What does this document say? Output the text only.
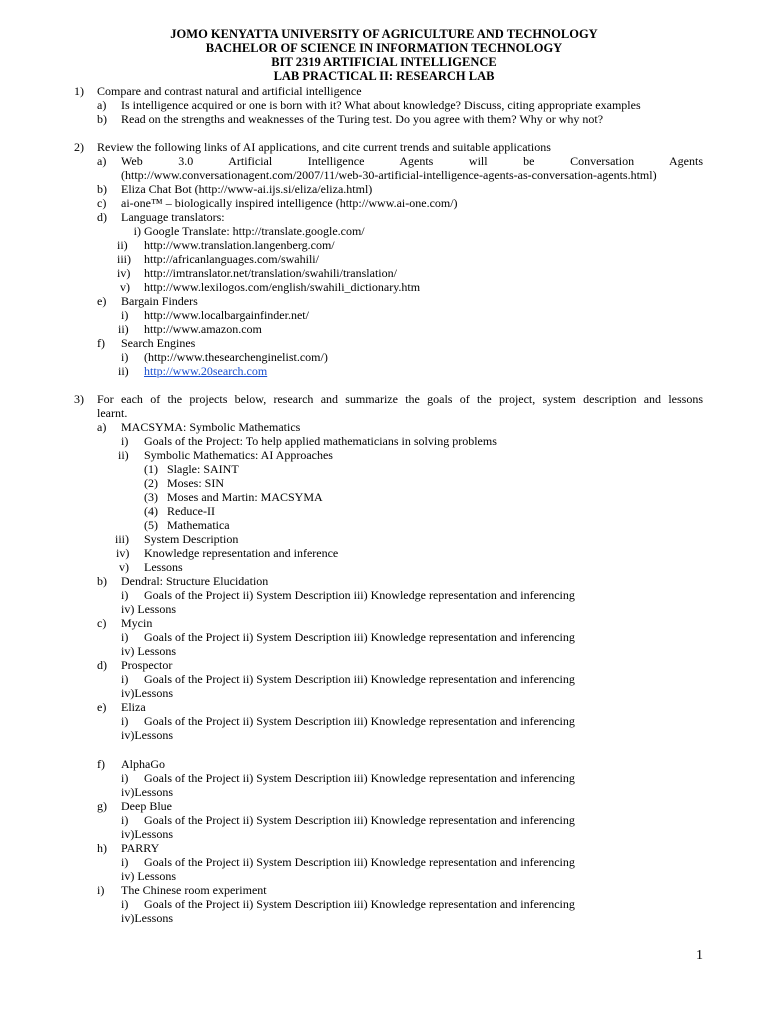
JOMO KENYATTA UNIVERSITY OF AGRICULTURE AND TECHNOLOGY
BACHELOR OF SCIENCE IN INFORMATION TECHNOLOGY
BIT 2319 ARTIFICIAL INTELLIGENCE
LAB PRACTICAL II: RESEARCH LAB
1) Compare and contrast natural and artificial intelligence
a) Is intelligence acquired or one is born with it? What about knowledge? Discuss, citing appropriate examples
b) Read on the strengths and weaknesses of the Turing test. Do you agree with them? Why or why not?
2) Review the following links of AI applications, and cite current trends and suitable applications
a) Web 3.0 Artificial Intelligence Agents will be Conversation Agents
(http://www.conversationagent.com/2007/11/web-30-artificial-intelligence-agents-as-conversation-agents.html)
b) Eliza Chat Bot (http://www-ai.ijs.si/eliza/eliza.html)
c) ai-one™ – biologically inspired intelligence (http://www.ai-one.com/)
d) Language translators:
i) Google Translate: http://translate.google.com/
ii) http://www.translation.langenberg.com/
iii) http://africanlanguages.com/swahili/
iv) http://imtranslator.net/translation/swahili/translation/
v) http://www.lexilogos.com/english/swahili_dictionary.htm
e) Bargain Finders
i) http://www.localbargainfinder.net/
ii) http://www.amazon.com
f) Search Engines
i) (http://www.thesearchenginelist.com/)
ii) http://www.20search.com
3) For each of the projects below, research and summarize the goals of the project, system description and lessons
learnt.
a) MACSYMA: Symbolic Mathematics
i) Goals of the Project: To help applied mathematicians in solving problems
ii) Symbolic Mathematics: AI Approaches
(1) Slagle: SAINT
(2) Moses: SIN
(3) Moses and Martin: MACSYMA
(4) Reduce-II
(5) Mathematica
iii) System Description
iv) Knowledge representation and inference
v) Lessons
b) Dendral: Structure Elucidation
i) Goals of the Project ii) System Description iii) Knowledge representation and inferencing
iv) Lessons
c) Mycin
i) Goals of the Project ii) System Description iii) Knowledge representation and inferencing
iv) Lessons
d) Prospector
i) Goals of the Project ii) System Description iii) Knowledge representation and inferencing
iv)Lessons
e) Eliza
i) Goals of the Project ii) System Description iii) Knowledge representation and inferencing
iv)Lessons
f) AlphaGo
i) Goals of the Project ii) System Description iii) Knowledge representation and inferencing
iv)Lessons
g) Deep Blue
i) Goals of the Project ii) System Description iii) Knowledge representation and inferencing
iv)Lessons
h) PARRY
i) Goals of the Project ii) System Description iii) Knowledge representation and inferencing
iv) Lessons
i) The Chinese room experiment
i) Goals of the Project ii) System Description iii) Knowledge representation and inferencing
iv)Lessons
1
